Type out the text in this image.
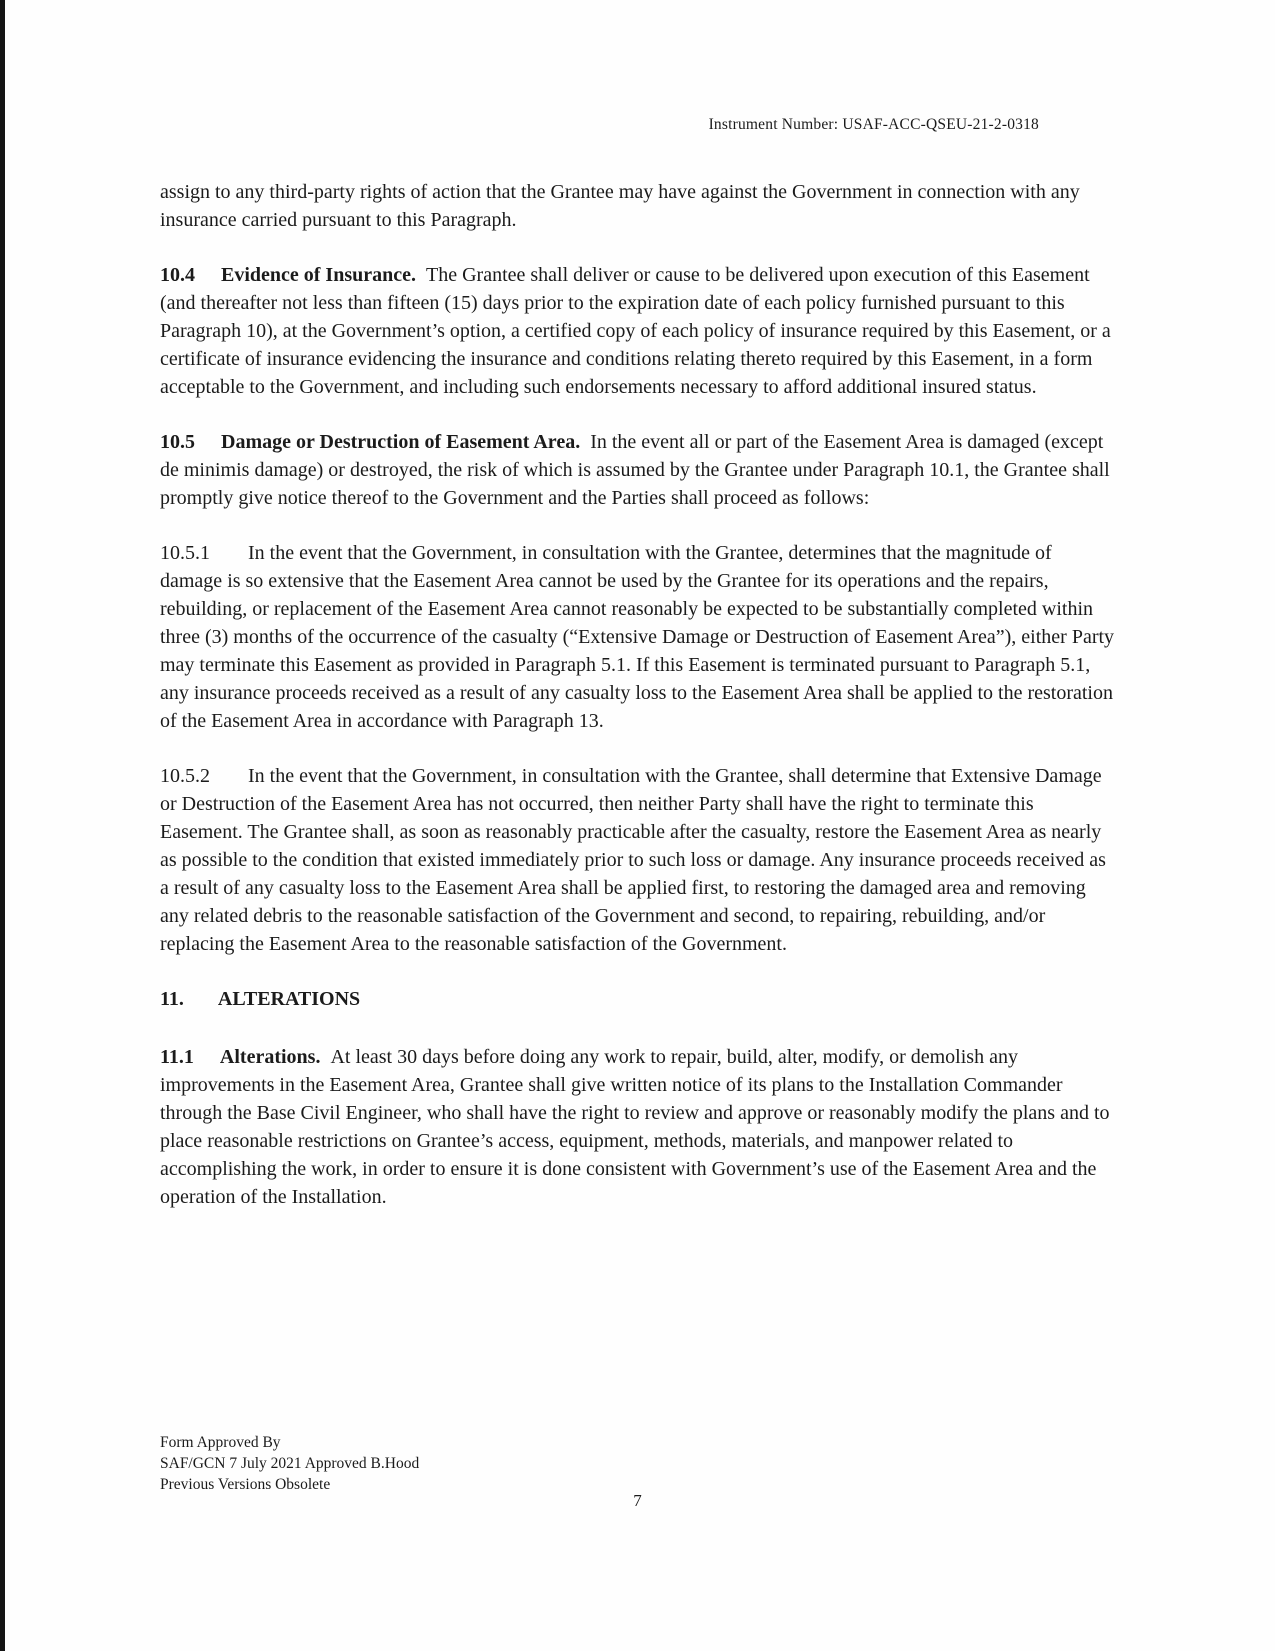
Instrument Number: USAF-ACC-QSEU-21-2-0318

assign to any third-party rights of action that the Grantee may have against the Government in connection with any insurance carried pursuant to this Paragraph.

10.4 Evidence of Insurance. The Grantee shall deliver or cause to be delivered upon execution of this Easement (and thereafter not less than fifteen (15) days prior to the expiration date of each policy furnished pursuant to this Paragraph 10), at the Government’s option, a certified copy of each policy of insurance required by this Easement, or a certificate of insurance evidencing the insurance and conditions relating thereto required by this Easement, in a form acceptable to the Government, and including such endorsements necessary to afford additional insured status.

10.5 Damage or Destruction of Easement Area. In the event all or part of the Easement Area is damaged (except de minimis damage) or destroyed, the risk of which is assumed by the Grantee under Paragraph 10.1, the Grantee shall promptly give notice thereof to the Government and the Parties shall proceed as follows:

10.5.1 In the event that the Government, in consultation with the Grantee, determines that the magnitude of damage is so extensive that the Easement Area cannot be used by the Grantee for its operations and the repairs, rebuilding, or replacement of the Easement Area cannot reasonably be expected to be substantially completed within three (3) months of the occurrence of the casualty (“Extensive Damage or Destruction of Easement Area”), either Party may terminate this Easement as provided in Paragraph 5.1. If this Easement is terminated pursuant to Paragraph 5.1, any insurance proceeds received as a result of any casualty loss to the Easement Area shall be applied to the restoration of the Easement Area in accordance with Paragraph 13.

10.5.2 In the event that the Government, in consultation with the Grantee, shall determine that Extensive Damage or Destruction of the Easement Area has not occurred, then neither Party shall have the right to terminate this Easement. The Grantee shall, as soon as reasonably practicable after the casualty, restore the Easement Area as nearly as possible to the condition that existed immediately prior to such loss or damage. Any insurance proceeds received as a result of any casualty loss to the Easement Area shall be applied first, to restoring the damaged area and removing any related debris to the reasonable satisfaction of the Government and second, to repairing, rebuilding, and/or replacing the Easement Area to the reasonable satisfaction of the Government.

11. ALTERATIONS

11.1 Alterations. At least 30 days before doing any work to repair, build, alter, modify, or demolish any improvements in the Easement Area, Grantee shall give written notice of its plans to the Installation Commander through the Base Civil Engineer, who shall have the right to review and approve or reasonably modify the plans and to place reasonable restrictions on Grantee’s access, equipment, methods, materials, and manpower related to accomplishing the work, in order to ensure it is done consistent with Government’s use of the Easement Area and the operation of the Installation.

Form Approved By
SAF/GCN 7 July 2021 Approved B.Hood
Previous Versions Obsolete
7
